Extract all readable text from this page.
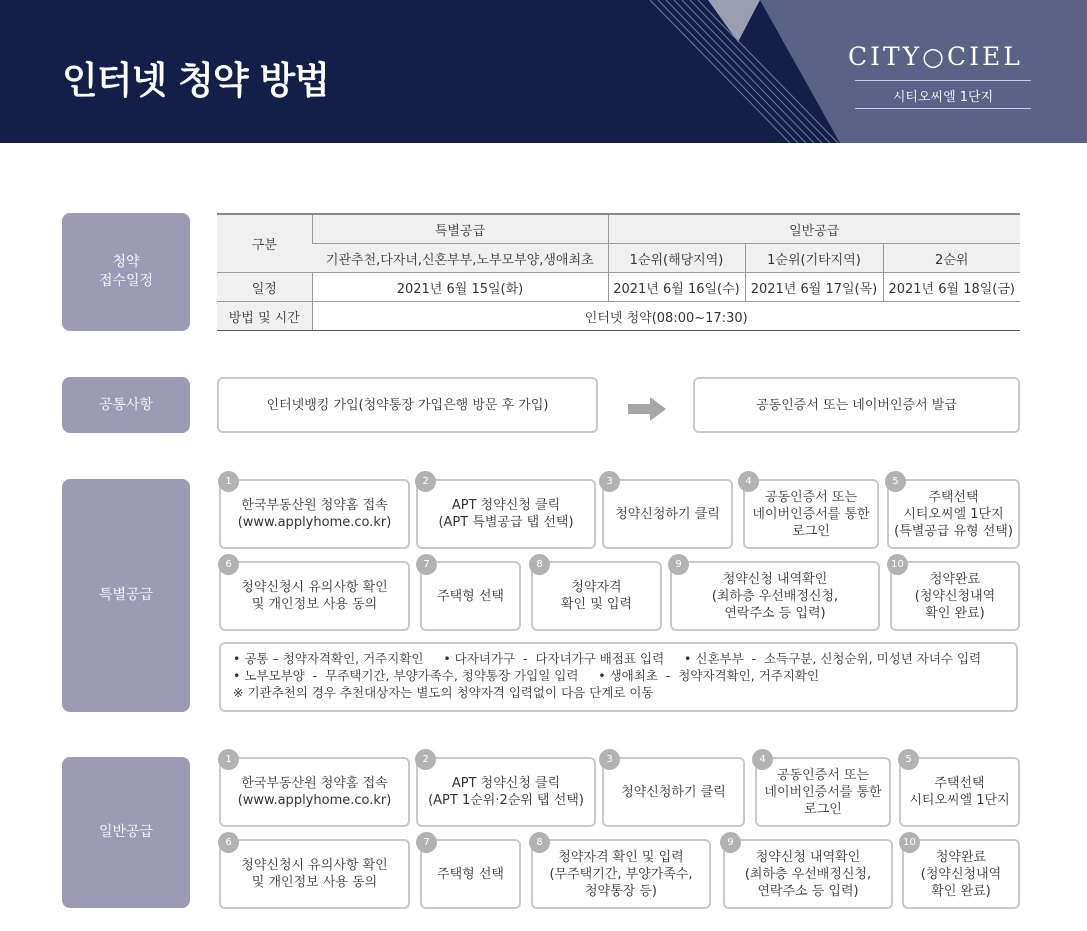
인터넷 청약 방법
CITY○CIEL
시티오씨엘 1단지
청약
접수일정
공통사항
특별공급
일반공급
구분	특별공급	일반공급		
	기관추천,다자녀,신혼부부,노부모부양,생애최초	1순위(해당지역)	1순위(기타지역)	2순위
일정	2021년 6월 15일(화)	2021년 6월 16일(수)	2021년 6월 17일(목)	2021년 6월 18일(금)
방법 및 시간	인터넷 청약(08:00~17:30)			
인터넷뱅킹 가입(청약통장 가입은행 방문 후 가입)	공동인증서 또는 네이버인증서 발급
한국부동산원 청약홈 접속
(www.applyhome.co.kr)
APT 청약신청 클릭
(APT 특별공급 탭 선택)
청약신청하기 클릭
공동인증서 또는
네이버인증서를 통한
로그인
주택선택
시티오씨엘 1단지
(특별공급 유형 선택)
청약신청시 유의사항 확인
및 개인정보 사용 동의
주택형 선택
청약자격
확인 및 입력
청약신청 내역확인
(최하층 우선배정신청,
연락주소 등 입력)
청약완료
(청약신청내역
확인 완료)
1	2	3	4	5
6	7	8	9	10

• 공통 – 청약자격확인, 거주지확인     • 다자녀가구  -  다자녀가구 배점표 입력     • 신혼부부  -  소득구분, 신청순위, 미성년 자녀수 입력

• 노부모부양  -  무주택기간, 부양가족수, 청약통장 가입일 입력     • 생애최초  -  청약자격확인, 거주지확인

※ 기관추천의 경우 추천대상자는 별도의 청약자격 입력없이 다음 단계로 이동

한국부동산원 청약홈 접속
(www.applyhome.co.kr)
APT 청약신청 클릭
(APT 1순위·2순위 탭 선택)
청약신청하기 클릭
공동인증서 또는
네이버인증서를 통한
로그인
주택선택
시티오씨엘 1단지
청약신청시 유의사항 확인
및 개인정보 사용 동의
주택형 선택
청약자격 확인 및 입력
(무주택기간, 부양가족수,
청약통장 등)
청약신청 내역확인
(최하층 우선배정신청,
연락주소 등 입력)
청약완료
(청약신청내역
확인 완료)
1	2	3	4	5
6	7	8	9	10
